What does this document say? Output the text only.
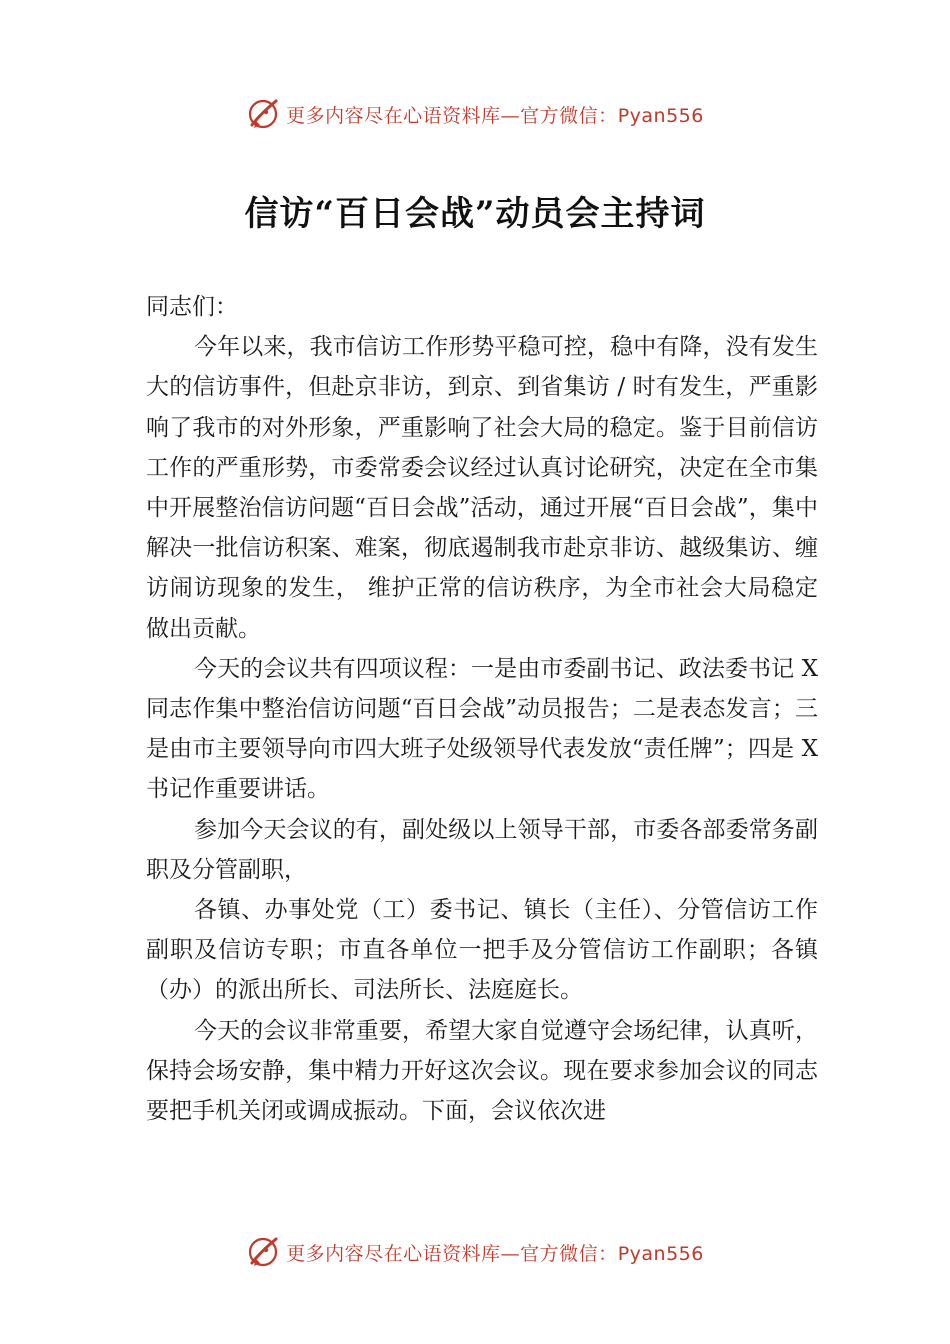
更多内容尽在心语资料库—官方微信：Pyan556
信访“百日会战”动员会主持词

同志们：

今年以来，我市信访工作形势平稳可控，稳中有降，没有发生大的信访事件，但赴京非访，到京、到省集访 / 时有发生，严重影响了我市的对外形象，严重影响了社会大局的稳定。鉴于目前信访工作的严重形势，市委常委会议经过认真讨论研究，决定在全市集中开展整治信访问题“百日会战”活动，通过开展“百日会战”，集中解决一批信访积案、难案，彻底遏制我市赴京非访、越级集访、缠访闹访现象的发生， 维护正常的信访秩序，为全市社会大局稳定做出贡献。

今天的会议共有四项议程：一是由市委副书记、政法委书记 X 同志作集中整治信访问题“百日会战”动员报告；二是表态发言；三是由市主要领导向市四大班子处级领导代表发放“责任牌”；四是 X 书记作重要讲话。

参加今天会议的有，副处级以上领导干部，市委各部委常务副职及分管副职，

各镇、办事处党（工）委书记、镇长（主任）、分管信访工作副职及信访专职；市直各单位一把手及分管信访工作副职；各镇（办）的派出所长、司法所长、法庭庭长。

今天的会议非常重要，希望大家自觉遵守会场纪律，认真听，保持会场安静，集中精力开好这次会议。现在要求参加会议的同志要把手机关闭或调成振动。下面，会议依次进

更多内容尽在心语资料库—官方微信：Pyan556
